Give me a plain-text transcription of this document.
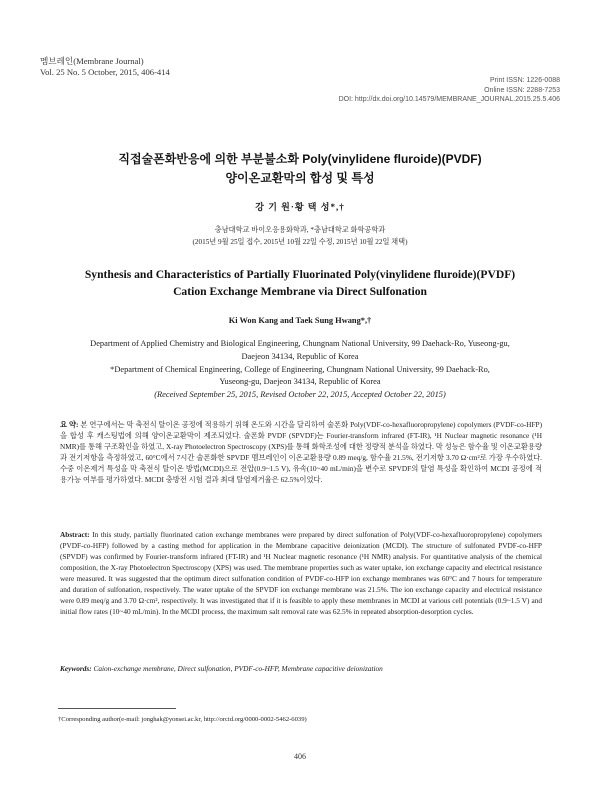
멤브레인(Membrane Journal)
Vol. 25 No. 5 October, 2015, 406-414
Print ISSN: 1226-0088
Online ISSN: 2288-7253
DOI: http://dx.doi.org/10.14579/MEMBRANE_JOURNAL.2015.25.5.406
직접술폰화반응에 의한 부분불소화 Poly(vinylidene fluroide)(PVDF)
양이온교환막의 합성 및 특성
강 기 원·황 택 성*,†
충남대학교 바이오응용화학과, *충남대학교 화학공학과
(2015년 9월 25일 접수, 2015년 10월 22일 수정, 2015년 10월 22일 채택)
Synthesis and Characteristics of Partially Fluorinated Poly(vinylidene fluroide)(PVDF)
Cation Exchange Membrane via Direct Sulfonation
Ki Won Kang and Taek Sung Hwang*,†
Department of Applied Chemistry and Biological Engineering, Chungnam National University, 99 Daehack-Ro, Yuseong-gu,
Daejeon 34134, Republic of Korea
*Department of Chemical Engineering, College of Engineering, Chungnam National University, 99 Daehack-Ro,
Yuseong-gu, Daejeon 34134, Republic of Korea
(Received September 25, 2015, Revised October 22, 2015, Accepted October 22, 2015)
요 약: 본 연구에서는 막 축전식 탈이온 공정에 적용하기 위해 온도와 시간을 달리하여 술폰화 Poly(VDF-co-hexafluoropropylene) copolymers (PVDF-co-HFP)을 합성 후 캐스팅법에 의해 양이온교환막이 제조되었다. 술폰화 PVDF (SPVDF)는 Fourier-transform infrared (FT-IR), ¹H Nuclear magnetic resonance (¹H NMR)를 통해 구조확인을 하였고, X-ray Photoelectron Spectroscopy (XPS)를 통해 화학조성에 대한 정량적 분석을 하였다. 막 성능은 함수율 및 이온교환용량과 전기저항을 측정하였고, 60°C에서 7시간 술폰화한 SPVDF 멤브레인이 이온교환용량 0.89 meq/g, 함수율 21.5%, 전기저항 3.70 Ω·cm²로 가장 우수하였다. 수중 이온제거 특성을 막 축전식 탈이온 방법(MCDI)으로 전압(0.9~1.5 V), 유속(10~40 mL/min)을 변수로 SPVDF의 탈염 특성을 확인하여 MCDI 공정에 적용가능 여부를 평가하였다. MCDI 충방전 시험 결과 최대 탈염제거율은 62.5%이었다.
Abstract: In this study, partially fluorinated cation exchange membranes were prepared by direct sulfonation of Poly(VDF-co-hexafluoropropylene) copolymers (PVDF-co-HFP) followed by a casting method for application in the Membrane capacitive deionization (MCDI). The structure of sulfonated PVDF-co-HFP (SPVDF) was confirmed by Fourier-transform infrared (FT-IR) and ¹H Nuclear magnetic resonance (¹H NMR) analysis. For quantitative analysis of the chemical composition, the X-ray Photoelectron Spectroscopy (XPS) was used. The membrane properties such as water uptake, ion exchange capacity and electrical resistance were measured. It was suggested that the optimum direct sulfonation condition of PVDF-co-HFP ion exchange membranes was 60°C and 7 hours for temperature and duration of sulfonation, respectively. The water uptake of the SPVDF ion exchange membrane was 21.5%. The ion exchange capacity and electrical resistance were 0.89 meq/g and 3.70 Ω·cm², respectively. It was investigated that if it is feasible to apply these membranes in MCDI at various cell potentials (0.9~1.5 V) and initial flow rates (10~40 mL/min). In the MCDI process, the maximum salt removal rate was 62.5% in repeated absorption-desorption cycles.
Keywords: Caion-exchange membrane, Direct sulfonation, PVDF-co-HFP, Membrane capacitive deionization
†Corresponding author(e-mail: jonghak@yonsei.ac.kr, http://orcid.org/0000-0002-5462-6039)
406
